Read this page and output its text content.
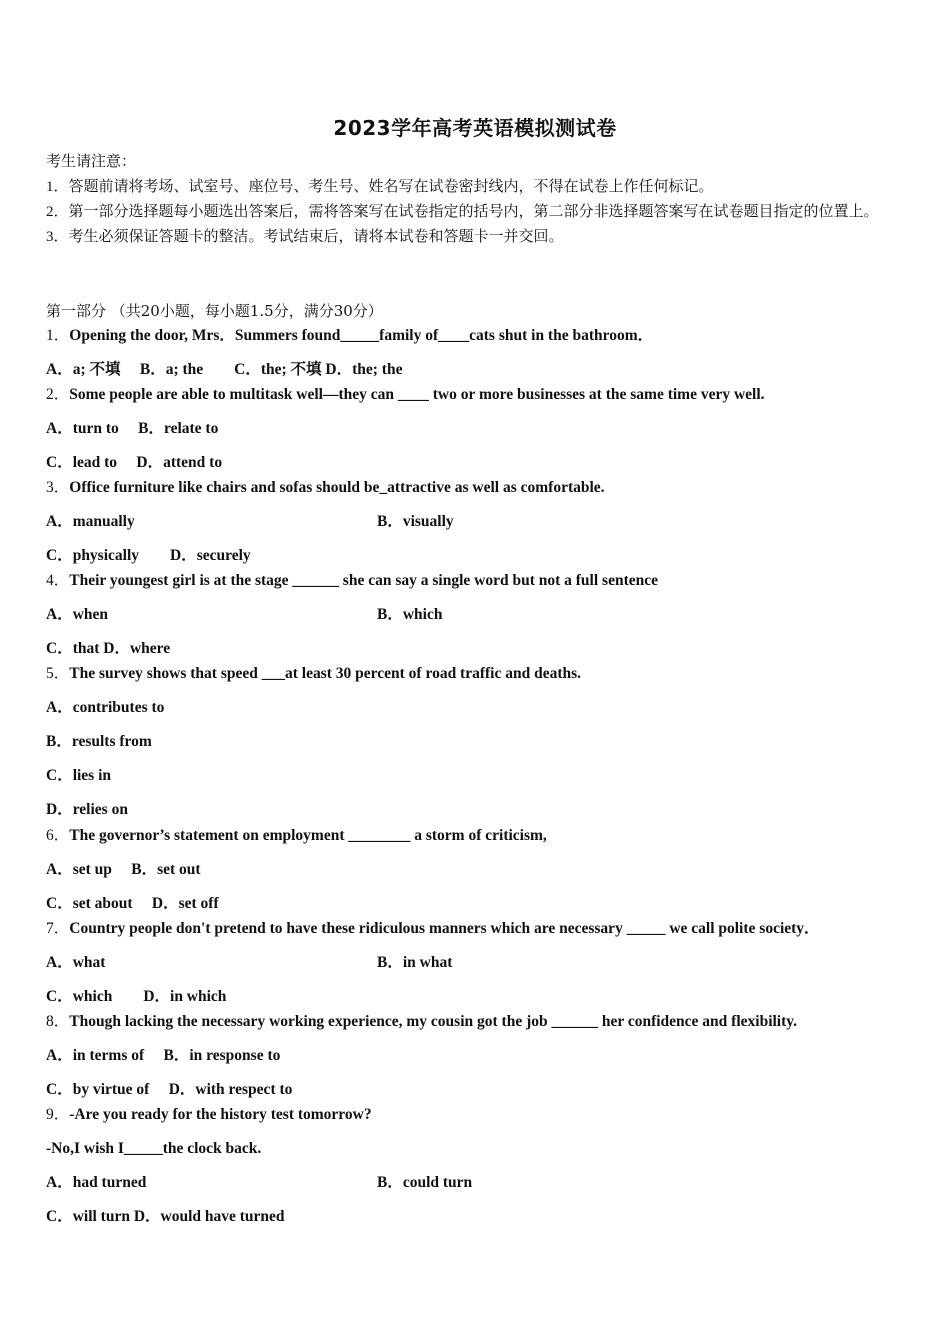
2023学年高考英语模拟测试卷

考生请注意：

1．答题前请将考场、试室号、座位号、考生号、姓名写在试卷密封线内，不得在试卷上作任何标记。

2．第一部分选择题每小题选出答案后，需将答案写在试卷指定的括号内，第二部分非选择题答案写在试卷题目指定的位置上。

3．考生必须保证答题卡的整洁。考试结束后，请将本试卷和答题卡一并交回。

第一部分 （共20小题，每小题1.5分，满分30分）
1．Opening the door, Mrs．Summers found_____family of____cats shut in the bathroom．
A．a; 不填　 B．a; the　　C．the; 不填 D．the; the
2．Some people are able to multitask well—they can ____ two or more businesses at the same time very well.
A．turn to　 B．relate to
C．lead to　 D．attend to
3．Office furniture like chairs and sofas should be_attractive as well as comfortable.
A．manually	B．visually
C．physically　　D．securely
4．Their youngest girl is at the stage ______ she can say a single word but not a full sentence
A．when	B．which
C．that D．where
5．The survey shows that speed ___at least 30 percent of road traffic and deaths.
A．contributes to
B．results from
C．lies in
D．relies on
6．The governor’s statement on employment ________ a storm of criticism,
A．set up　 B．set out
C．set about　 D．set off
7．Country people don't pretend to have these ridiculous manners which are necessary _____ we call polite society．
A．what	B．in what
C．which　　D．in which
8．Though lacking the necessary working experience, my cousin got the job ______ her confidence and flexibility.
A．in terms of　 B．in response to
C．by virtue of　 D．with respect to
9．-Are you ready for the history test tomorrow?
-No,I wish I_____the clock back.
A．had turned	B．could turn
C．will turn D．would have turned
